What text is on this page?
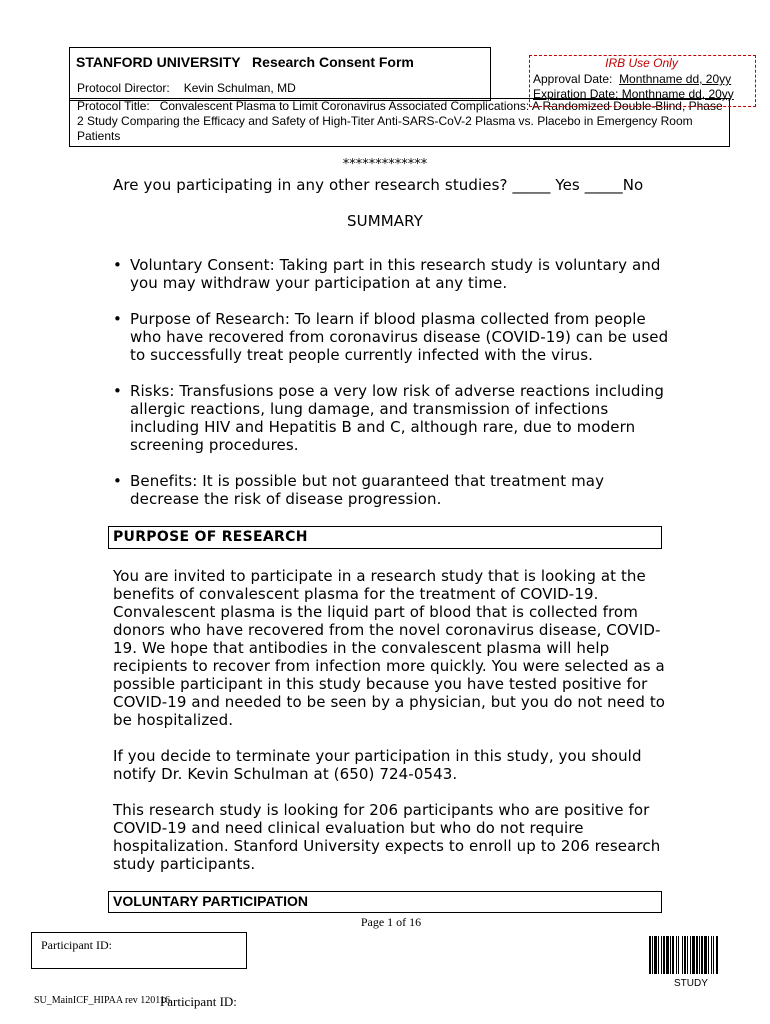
STANFORD UNIVERSITY   Research Consent Form
Protocol Director: Kevin Schulman, MD
Protocol Title:   Convalescent Plasma to Limit Coronavirus Associated Complications: A Randomized Double-Blind, Phase 2 Study Comparing the Efficacy and Safety of High-Titer Anti-SARS-CoV-2 Plasma vs. Placebo in Emergency Room Patients
IRB Use Only
Approval Date: Monthname dd, 20yy
Expiration Date: Monthname dd, 20yy
*************
Are you participating in any other research studies? _____ Yes _____No
SUMMARY
• Voluntary Consent: Taking part in this research study is voluntary and you may withdraw your participation at any time.
• Purpose of Research: To learn if blood plasma collected from people who have recovered from coronavirus disease (COVID-19) can be used to successfully treat people currently infected with the virus.
• Risks: Transfusions pose a very low risk of adverse reactions including allergic reactions, lung damage, and transmission of infections including HIV and Hepatitis B and C, although rare, due to modern screening procedures.
• Benefits: It is possible but not guaranteed that treatment may decrease the risk of disease progression.
PURPOSE OF RESEARCH
You are invited to participate in a research study that is looking at the benefits of convalescent plasma for the treatment of COVID-19. Convalescent plasma is the liquid part of blood that is collected from donors who have recovered from the novel coronavirus disease, COVID-19. We hope that antibodies in the convalescent plasma will help recipients to recover from infection more quickly. You were selected as a possible participant in this study because you have tested positive for COVID-19 and needed to be seen by a physician, but you do not need to be hospitalized.
If you decide to terminate your participation in this study, you should notify Dr. Kevin Schulman at (650) 724-0543.
This research study is looking for 206 participants who are positive for COVID-19 and need clinical evaluation but who do not require hospitalization. Stanford University expects to enroll up to 206 research study participants.
VOLUNTARY PARTICIPATION
Page 1 of 16
Participant ID:
SU_MainICF_HIPAA rev 120116
Participant ID:
STUDY
